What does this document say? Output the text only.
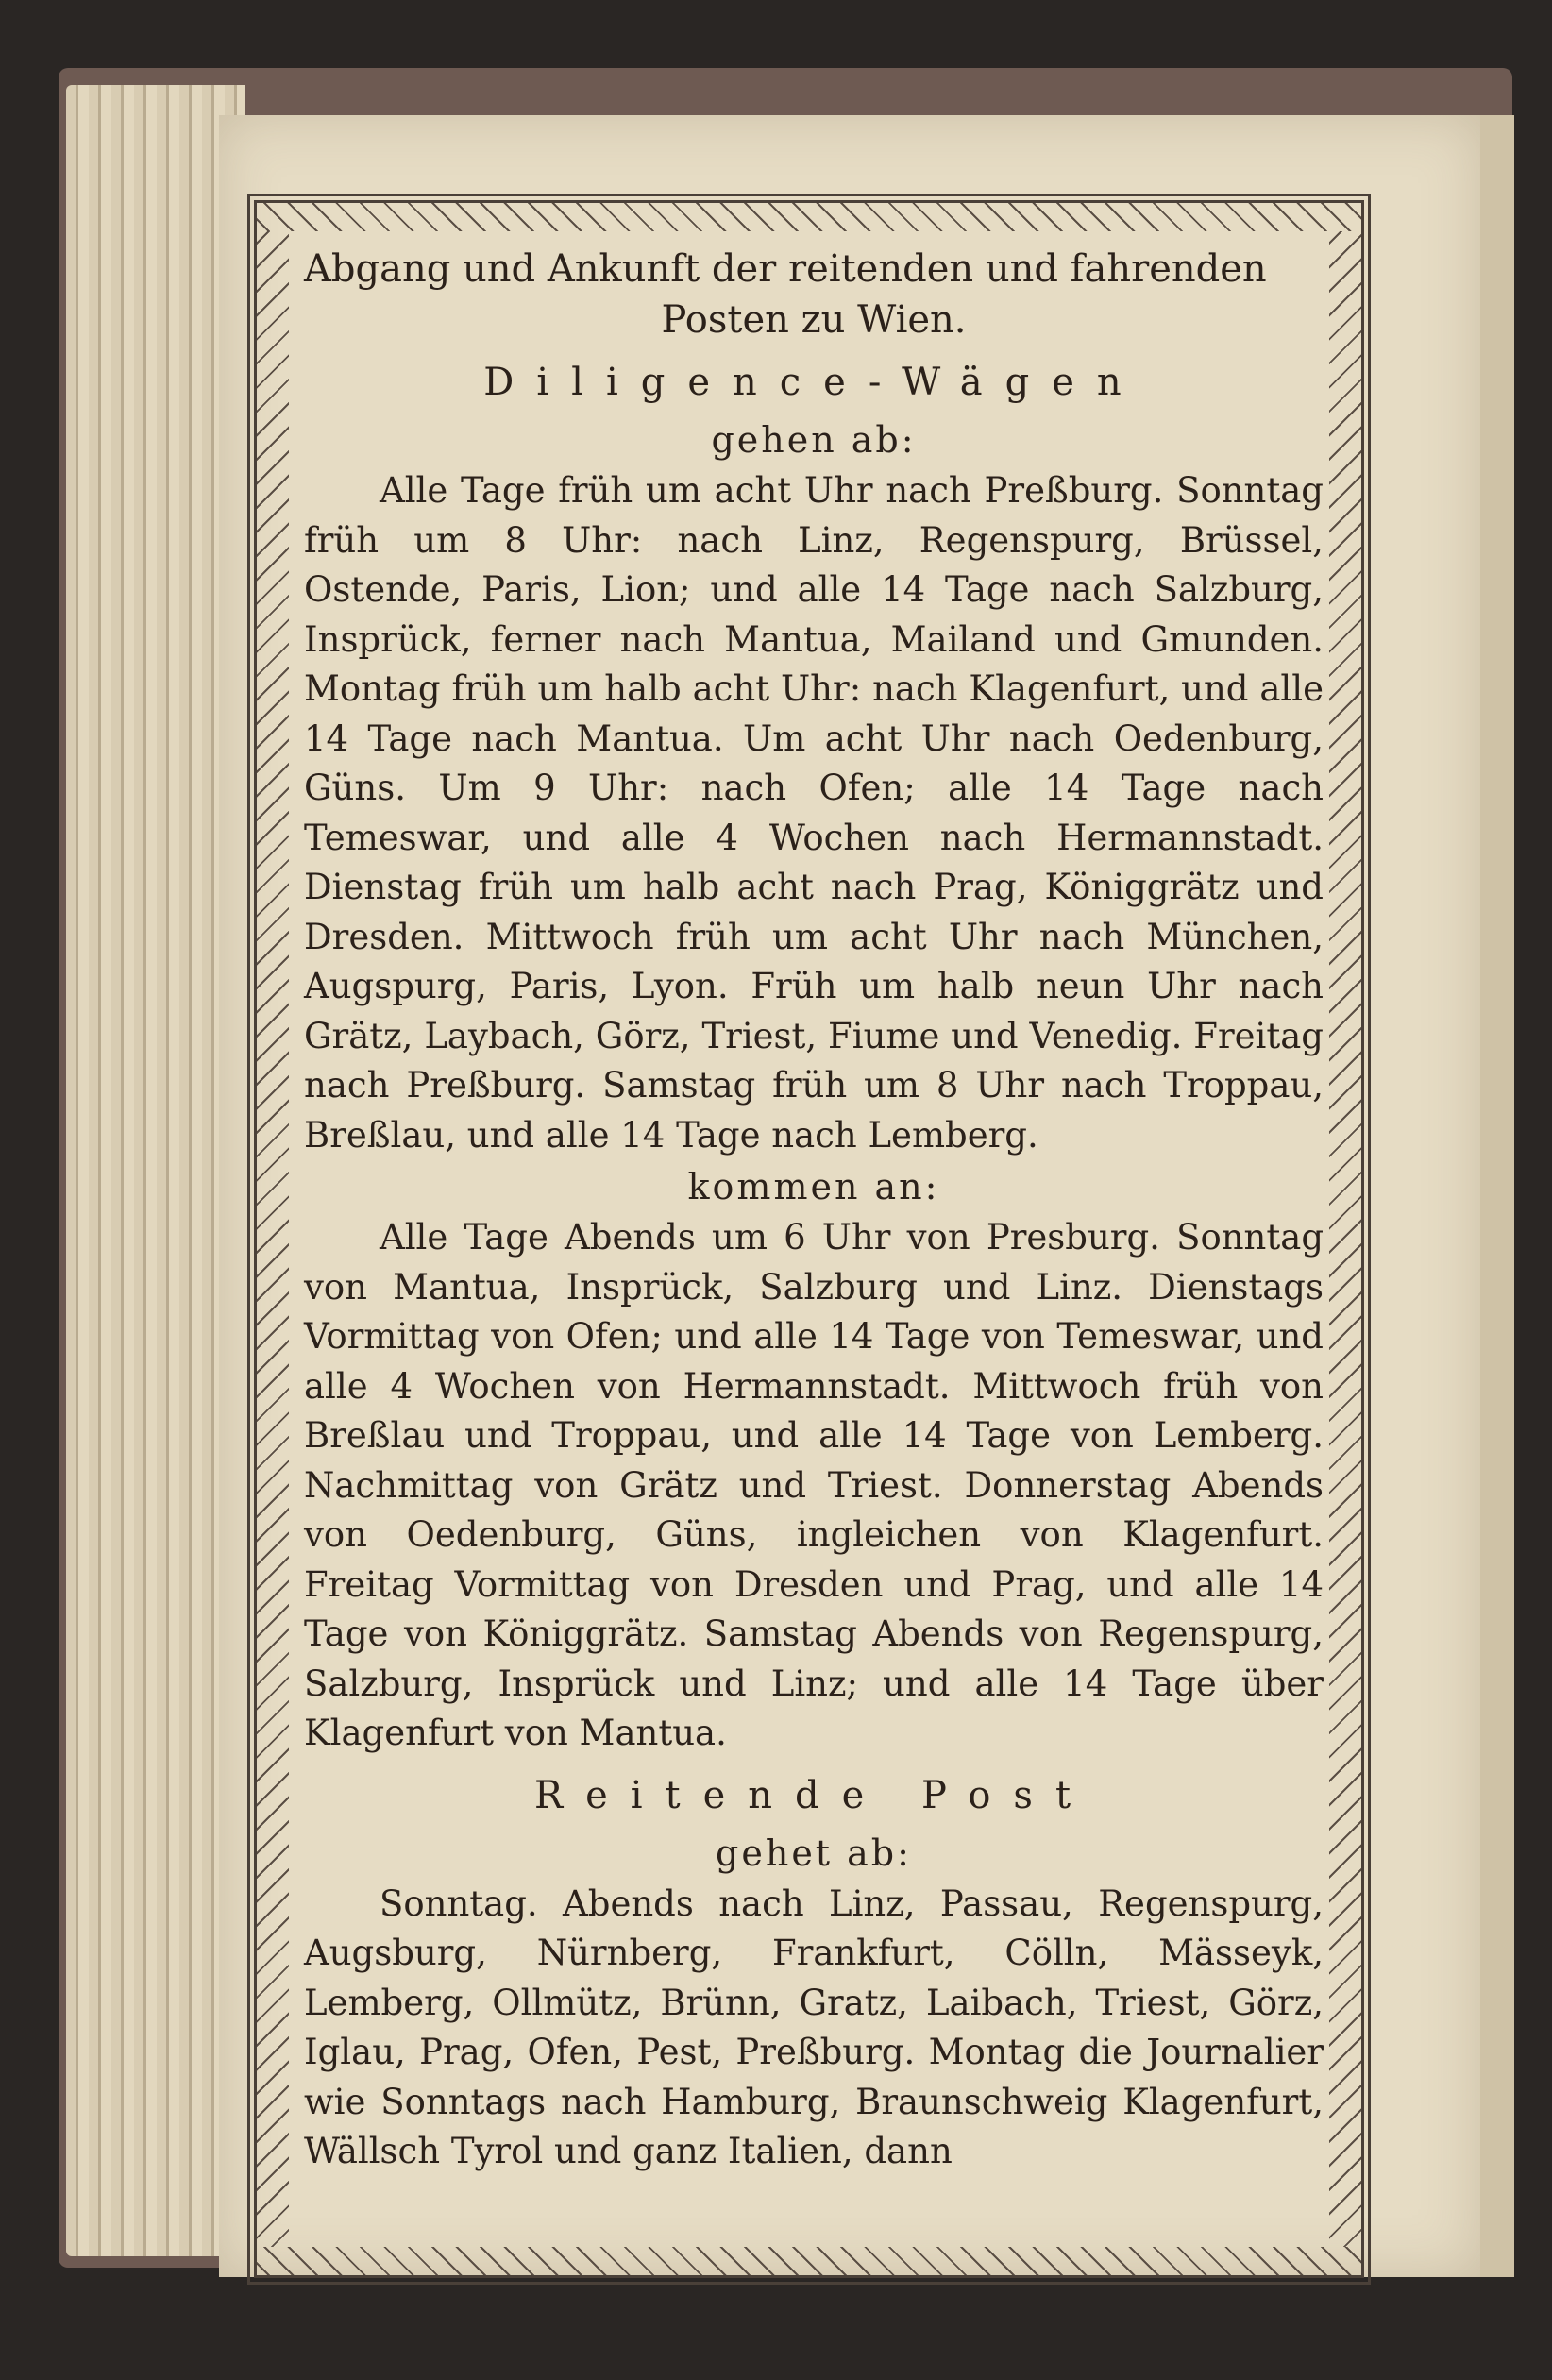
Abgang und Ankunft der reitenden und fahrenden

Posten zu Wien.

Diligence-Wägen

gehen ab:

Alle Tage früh um acht Uhr nach Preßburg. Sonntag früh um 8 Uhr: nach Linz, Regenspurg, Brüssel, Ostende, Paris, Lion; und alle 14 Tage nach Salzburg, Insprück, ferner nach Mantua, Mailand und Gmunden. Montag früh um halb acht Uhr: nach Klagenfurt, und alle 14 Tage nach Mantua. Um acht Uhr nach Oedenburg, Güns. Um 9 Uhr: nach Ofen; alle 14 Tage nach Temeswar, und alle 4 Wochen nach Hermannstadt. Dienstag früh um halb acht nach Prag, Königgrätz und Dresden. Mittwoch früh um acht Uhr nach München, Augspurg, Paris, Lyon. Früh um halb neun Uhr nach Grätz, Laybach, Görz, Triest, Fiume und Venedig. Freitag nach Preßburg. Samstag früh um 8 Uhr nach Troppau, Breßlau, und alle 14 Tage nach Lemberg.

kommen an:

Alle Tage Abends um 6 Uhr von Presburg. Sonntag von Mantua, Insprück, Salzburg und Linz. Dienstags Vormittag von Ofen; und alle 14 Tage von Temeswar, und alle 4 Wochen von Hermannstadt. Mittwoch früh von Breßlau und Troppau, und alle 14 Tage von Lemberg. Nachmittag von Grätz und Triest. Donnerstag Abends von Oedenburg, Güns, ingleichen von Klagenfurt. Freitag Vormittag von Dresden und Prag, und alle 14 Tage von Königgrätz. Samstag Abends von Regenspurg, Salzburg, Insprück und Linz; und alle 14 Tage über Klagenfurt von Mantua.

Reitende Post

gehet ab:

Sonntag. Abends nach Linz, Passau, Regenspurg, Augsburg, Nürnberg, Frankfurt, Cölln, Mässeyk, Lemberg, Ollmütz, Brünn, Gratz, Laibach, Triest, Görz, Iglau, Prag, Ofen, Pest, Preßburg. Montag die Journalier wie Sonntags nach Hamburg, Braunschweig Klagenfurt, Wällsch Tyrol und ganz Italien, dann
